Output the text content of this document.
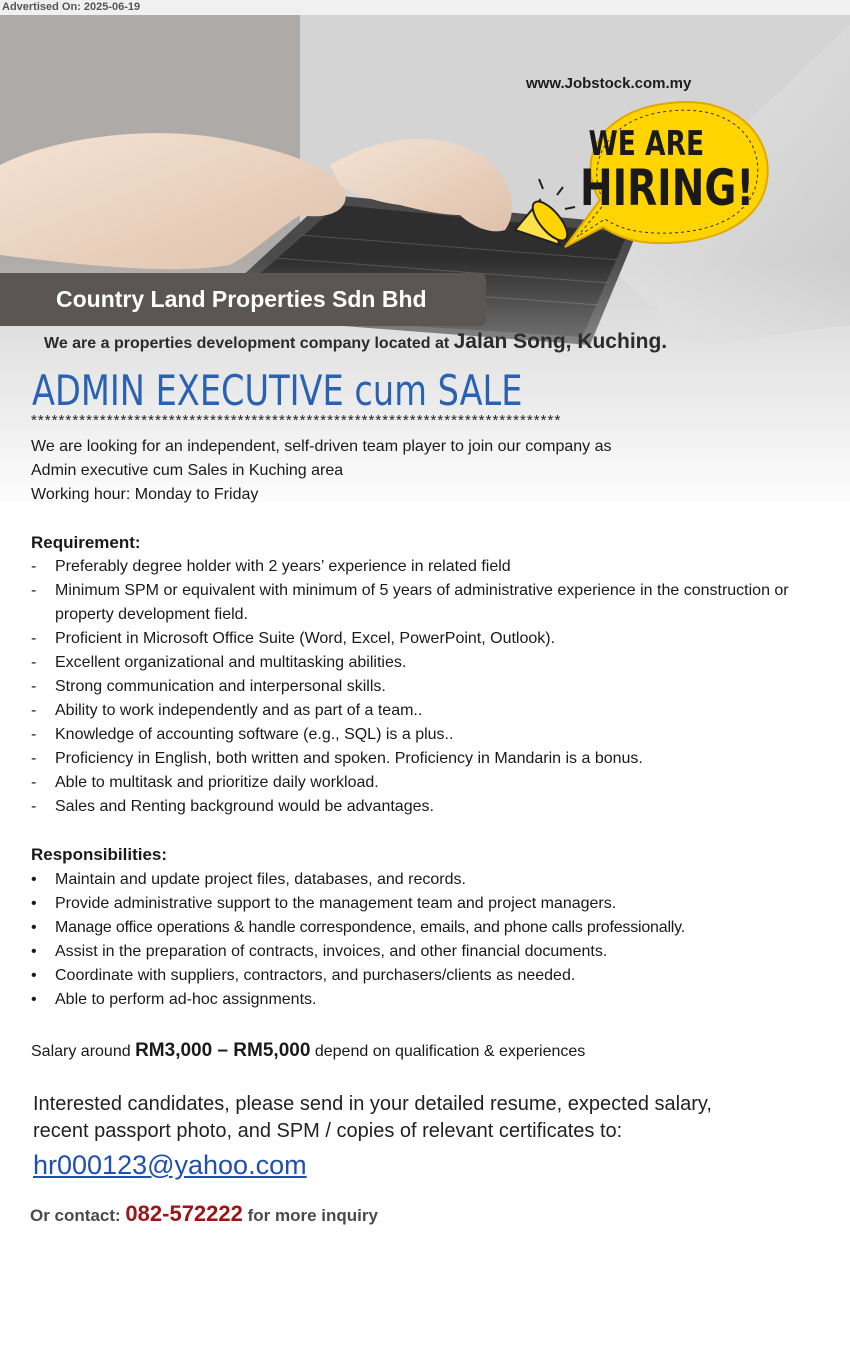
Advertised On: 2025-06-19
www.Jobstock.com.my
WE ARE
HIRING!
Country Land Properties Sdn Bhd
We are a properties development company located at Jalan Song, Kuching.
ADMIN EXECUTIVE cum SALE
*****************************************************************************
We are looking for an independent, self-driven team player to join our company as
Admin executive cum Sales in Kuching area
Working hour: Monday to Friday
Requirement:
- Preferably degree holder with 2 years’ experience in related field
- Minimum SPM or equivalent with minimum of 5 years of administrative experience in the construction or property development field.
- Proficient in Microsoft Office Suite (Word, Excel, PowerPoint, Outlook).
- Excellent organizational and multitasking abilities.
- Strong communication and interpersonal skills.
- Ability to work independently and as part of a team..
- Knowledge of accounting software (e.g., SQL) is a plus..
- Proficiency in English, both written and spoken. Proficiency in Mandarin is a bonus.
- Able to multitask and prioritize daily workload.
- Sales and Renting background would be advantages.
Responsibilities:
• Maintain and update project files, databases, and records.
• Provide administrative support to the management team and project managers.
• Manage office operations & handle correspondence, emails, and phone calls professionally.
• Assist in the preparation of contracts, invoices, and other financial documents.
• Coordinate with suppliers, contractors, and purchasers/clients as needed.
• Able to perform ad-hoc assignments.
Salary around RM3,000 – RM5,000 depend on qualification & experiences
Interested candidates, please send in your detailed resume, expected salary,
recent passport photo, and SPM / copies of relevant certificates to:
hr000123@yahoo.com
Or contact: 082-572222 for more inquiry
